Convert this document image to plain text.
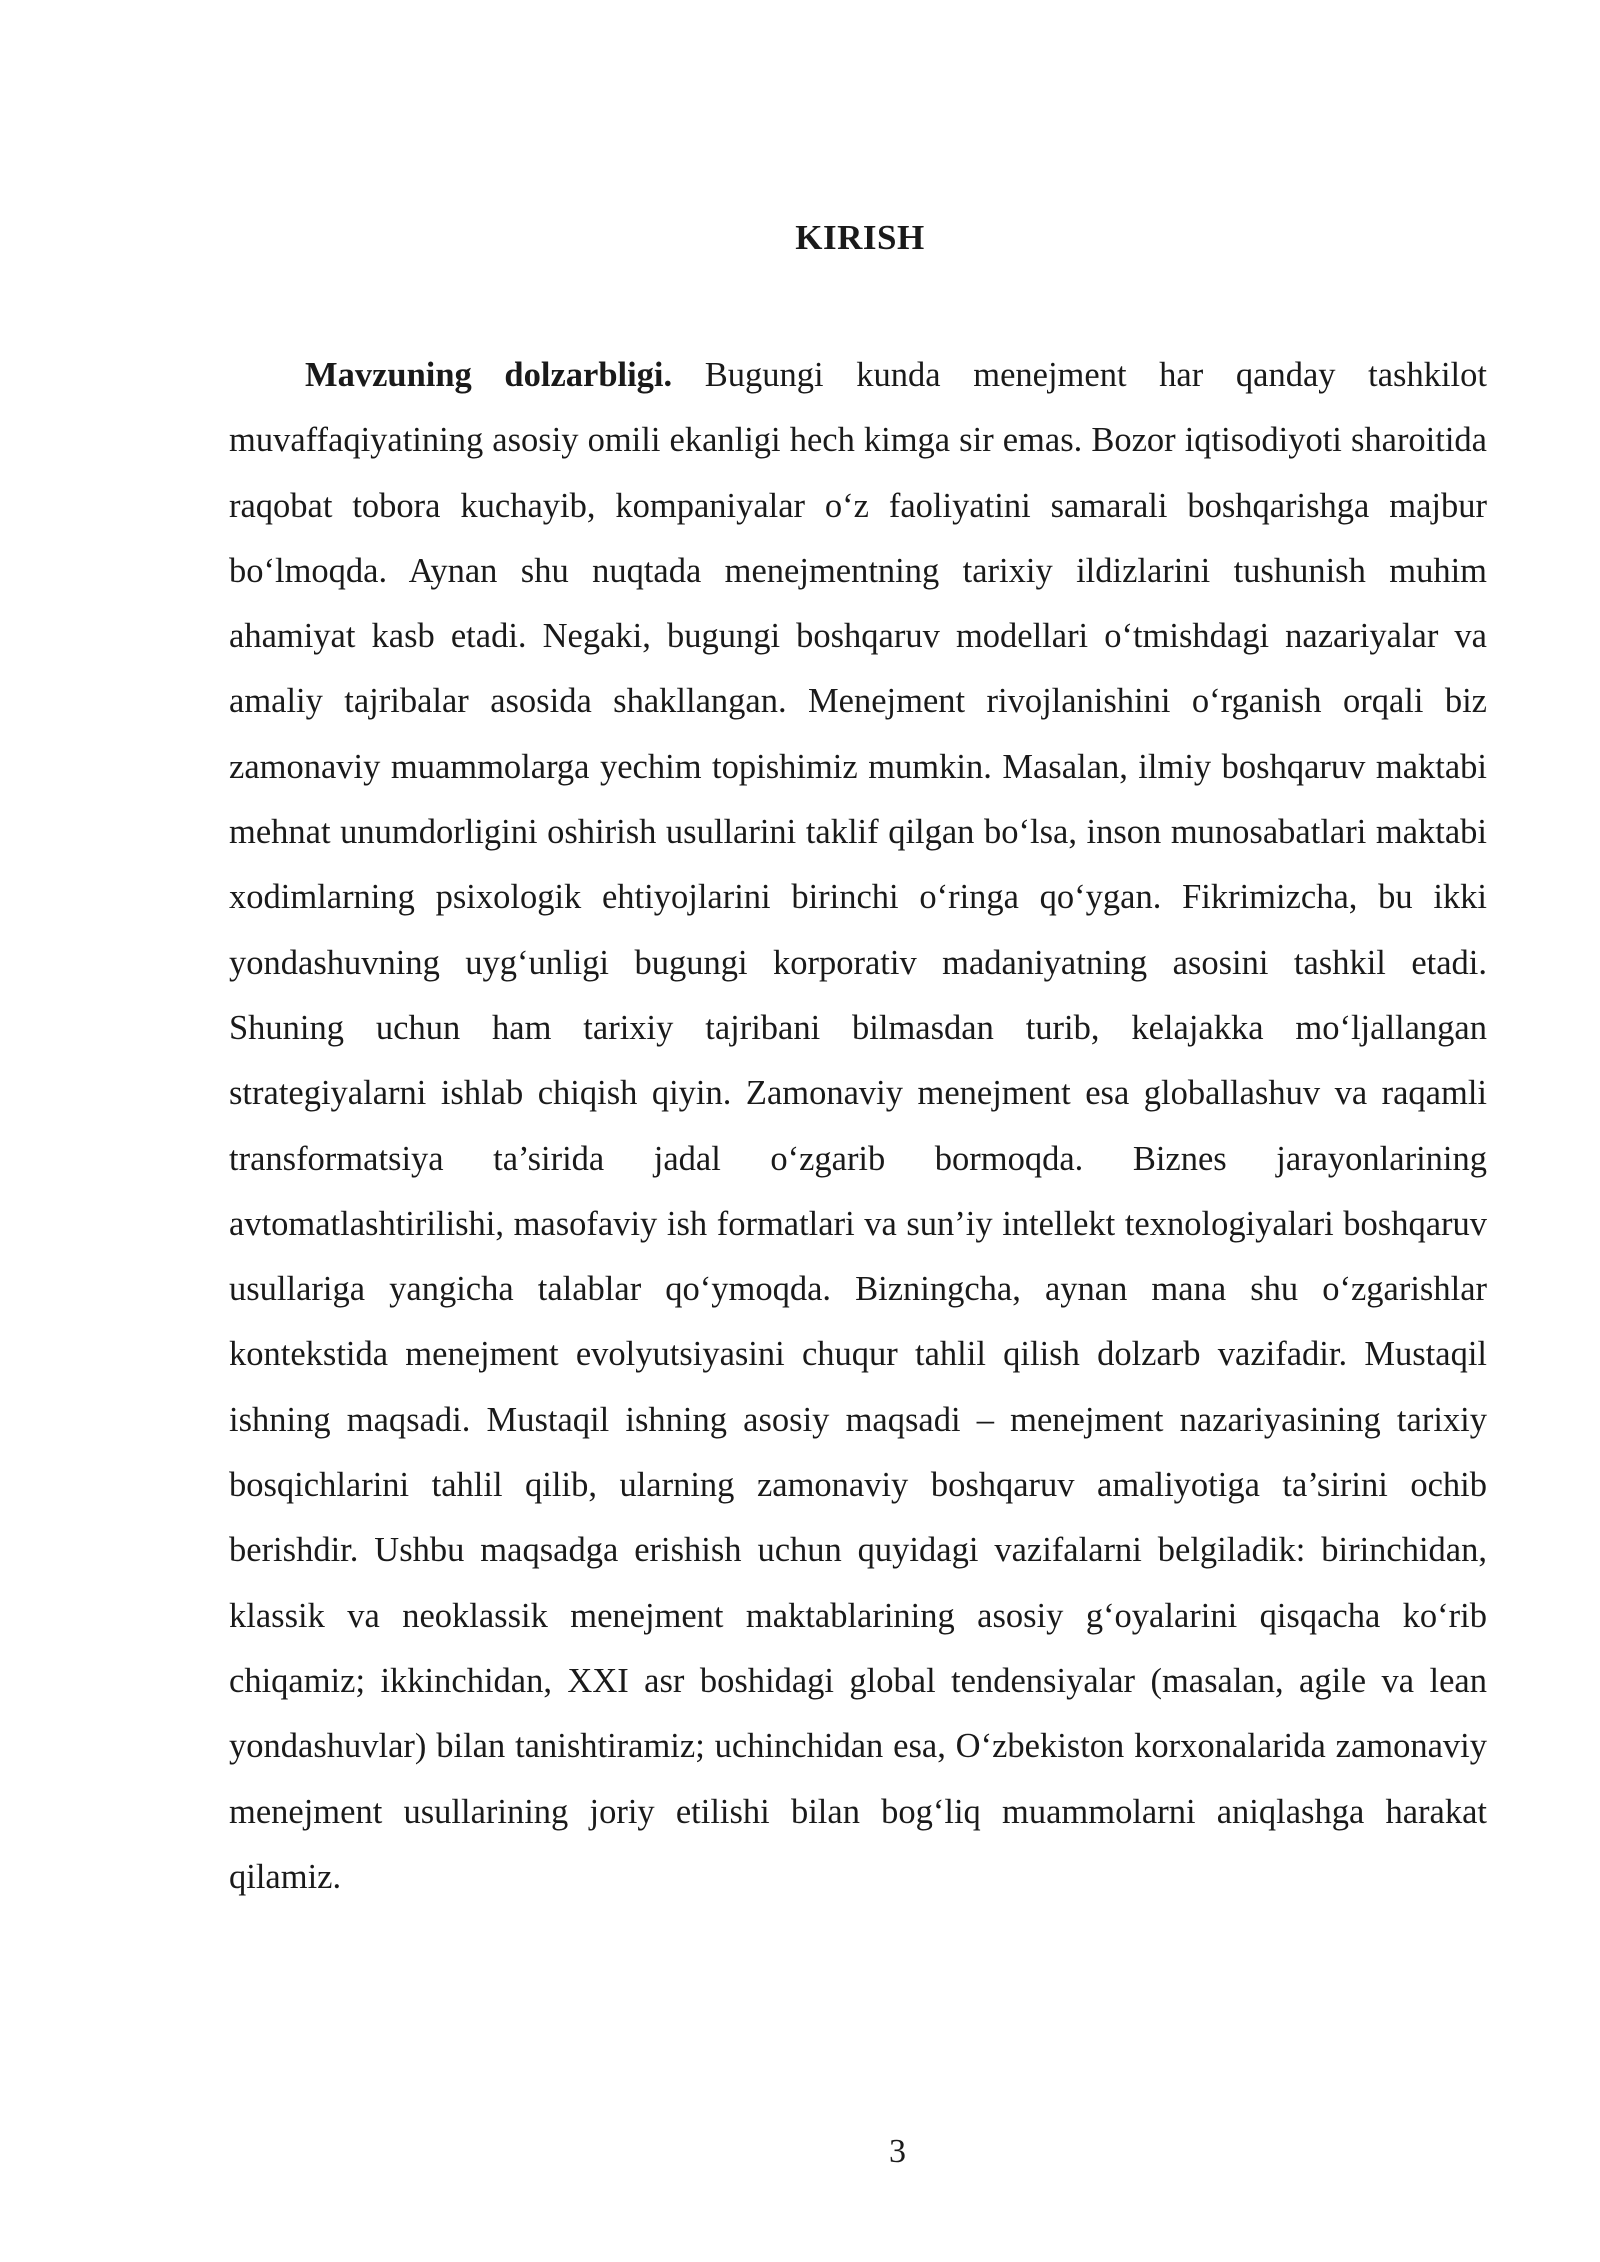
KIRISH

Mavzuning dolzarbligi. Bugungi kunda menejment har qanday tashkilot muvaffaqiyatining asosiy omili ekanligi hech kimga sir emas. Bozor iqtisodiyoti sharoitida raqobat tobora kuchayib, kompaniyalar o‘z faoliyatini samarali boshqarishga majbur bo‘lmoqda. Aynan shu nuqtada menejmentning tarixiy ildizlarini tushunish muhim ahamiyat kasb etadi. Negaki, bugungi boshqaruv modellari o‘tmishdagi nazariyalar va amaliy tajribalar asosida shakllangan. Menejment rivojlanishini o‘rganish orqali biz zamonaviy muammolarga yechim topishimiz mumkin. Masalan, ilmiy boshqaruv maktabi mehnat unumdorligini oshirish usullarini taklif qilgan bo‘lsa, inson munosabatlari maktabi xodimlarning psixologik ehtiyojlarini birinchi o‘ringa qo‘ygan. Fikrimizcha, bu ikki yondashuvning uyg‘unligi bugungi korporativ madaniyatning asosini tashkil etadi. Shuning uchun ham tarixiy tajribani bilmasdan turib, kelajakka mo‘ljallangan strategiyalarni ishlab chiqish qiyin. Zamonaviy menejment esa globallashuv va raqamli transformatsiya ta’sirida jadal o‘zgarib bormoqda. Biznes jarayonlarining avtomatlashtirilishi, masofaviy ish formatlari va sun’iy intellekt texnologiyalari boshqaruv usullariga yangicha talablar qo‘ymoqda. Bizningcha, aynan mana shu o‘zgarishlar kontekstida menejment evolyutsiyasini chuqur tahlil qilish dolzarb vazifadir. Mustaqil ishning maqsadi. Mustaqil ishning asosiy maqsadi – menejment nazariyasining tarixiy bosqichlarini tahlil qilib, ularning zamonaviy boshqaruv amaliyotiga ta’sirini ochib berishdir. Ushbu maqsadga erishish uchun quyidagi vazifalarni belgiladik: birinchidan, klassik va neoklassik menejment maktablarining asosiy g‘oyalarini qisqacha ko‘rib chiqamiz; ikkinchidan, XXI asr boshidagi global tendensiyalar (masalan, agile va lean yondashuvlar) bilan tanishtiramiz; uchinchidan esa, O‘zbekiston korxonalarida zamonaviy menejment usullarining joriy etilishi bilan bog‘liq muammolarni aniqlashga harakat qilamiz.

3
